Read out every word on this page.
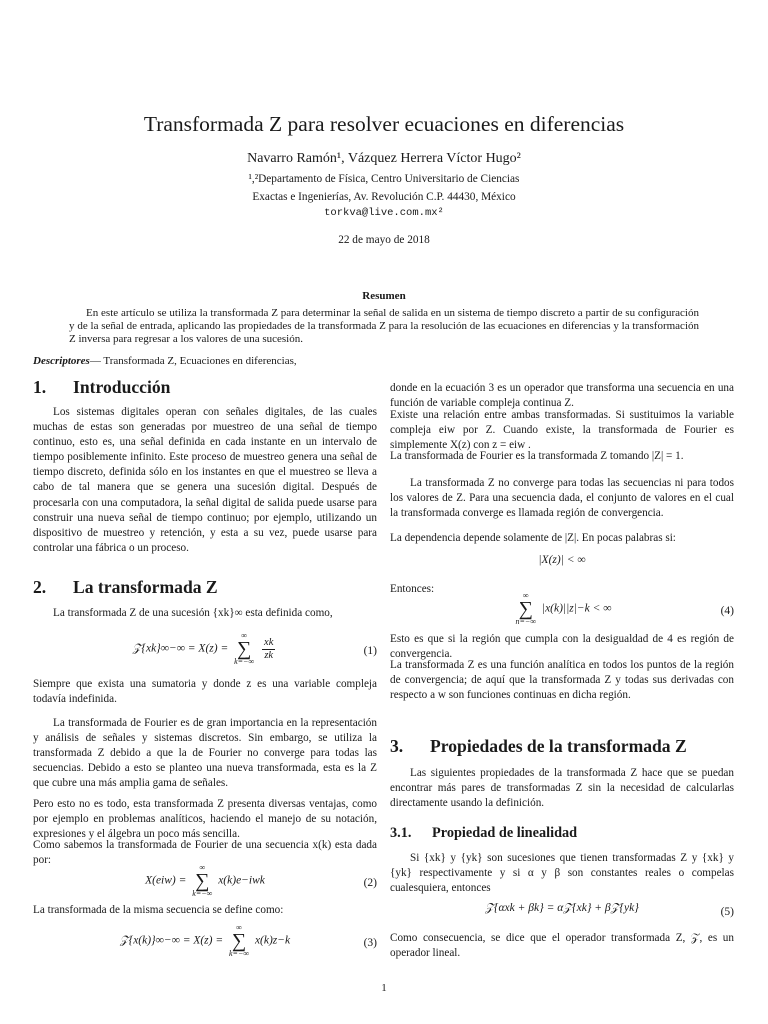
Transformada Z para resolver ecuaciones en diferencias
Navarro Ramón¹, Vázquez Herrera Víctor Hugo²
¹,²Departamento de Física, Centro Universitario de Ciencias
Exactas e Ingenierías, Av. Revolución C.P. 44430, México
torkva@live.com.mx²
22 de mayo de 2018
Resumen
En este artículo se utiliza la transformada Z para determinar la señal de salida en un sistema de tiempo discreto a partir de su configuración y de la señal de entrada, aplicando las propiedades de la transformada Z para la resolución de las ecuaciones en diferencias y la transformación Z inversa para regresar a los valores de una sucesión.
Descriptores— Transformada Z, Ecuaciones en diferencias,
1. Introducción
Los sistemas digitales operan con señales digitales, de las cuales muchas de estas son generadas por muestreo de una señal de tiempo continuo, esto es, una señal definida en cada instante en un intervalo de tiempo posiblemente infinito. Este proceso de muestreo genera una señal de tiempo discreto, definida sólo en los instantes en que el muestreo se lleva a cabo de tal manera que se genera una sucesión digital. Después de procesarla con una computadora, la señal digital de salida puede usarse para construir una nueva señal de tiempo continuo; por ejemplo, utilizando un dispositivo de muestreo y retención, y esta a su vez, puede usarse para controlar una fábrica o un proceso.
2. La transformada Z
La transformada Z de una sucesión {xk}∞ esta definida como,
𝒵{xk}∞−∞ = X(z) =
∞
∑
k=−∞

$\frac{xk}{zk}$	(1)
Siempre que exista una sumatoria y donde z es una variable compleja todavía indefinida.
La transformada de Fourier es de gran importancia en la representación y análisis de señales y sistemas discretos. Sin embargo, se utiliza la transformada Z debido a que la de Fourier no converge para todas las secuencias. Debido a esto se planteo una nueva transformada, esta es la Z que cubre una más amplia gama de señales.
Pero esto no es todo, esta transformada Z presenta diversas ventajas, como por ejemplo en problemas analíticos, haciendo el manejo de su notación, expresiones y el álgebra un poco más sencilla.
Como sabemos la transformada de Fourier de una secuencia x(k) esta dada por:
X(eiw) =
∞
∑
k=−∞
x(k)e−iwk	(2)
La transformada de la misma secuencia se define como:
𝒵{x(k)}∞−∞ = X(z) =
∞
∑
k=−∞
x(k)z−k	(3)
donde en la ecuación 3 es un operador que transforma una secuencia en una función de variable compleja continua Z.
Existe una relación entre ambas transformadas. Si sustituimos la variable compleja eiw por Z. Cuando existe, la transformada de Fourier es simplemente X(z) con z = eiw .
La transformada de Fourier es la transformada Z tomando |Z| = 1.
La transformada Z no converge para todas las secuencias ni para todos los valores de Z. Para una secuencia dada, el conjunto de valores en el cual la transformada converge es llamada región de convergencia.
La dependencia depende solamente de |Z|. En pocas palabras si:
|X(z)| < ∞
Entonces:
∞
∑
n=−∞
|x(k)||z|−k < ∞	(4)
Esto es que si la región que cumpla con la desigualdad de 4 es región de convergencia.
La transformada Z es una función analítica en todos los puntos de la región de convergencia; de aquí que la transformada Z y todas sus derivadas con respecto a w son funciones continuas en dicha región.
3. Propiedades de la transformada Z
Las siguientes propiedades de la transformada Z hace que se puedan encontrar más pares de transformadas Z sin la necesidad de calcularlas directamente usando la definición.
3.1. Propiedad de linealidad
Si {xk} y {yk} son sucesiones que tienen transformadas Z y {xk} y {yk} respectivamente y si α y β son constantes reales o compelas cualesquiera, entonces
𝒵{αxk + βk} = α𝒵{xk} + β𝒵{yk}	(5)
Como consecuencia, se dice que el operador transformada Z, 𝒵, es un operador lineal.
1
